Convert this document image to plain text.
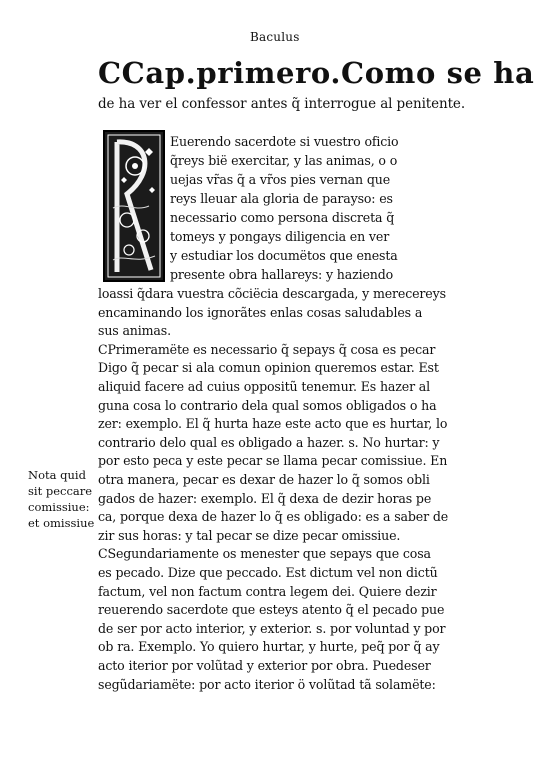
Baculus
CCap.primero.Como se ha
de ha ver el confessor antes q̃ interrogue al penitente.
Euerendo sacerdote si vuestro oficio
q̃reys bië exercitar, y las animas, o o
uejas vr̃as q̃ a vr̃os pies vernan que
reys lleuar ala gloria de parayso: es
necessario como persona discreta q̃
tomeys y pongays diligencia en ver
y estudiar los documëtos que enesta
presente obra hallareys: y haziendo
loassi q̃dara vuestra cõciëcia descargada, y merecereys
encaminando los ignorãtes enlas cosas saludables a
sus animas.
CPrimeramëte es necessario q̃ sepays q̃ cosa es pecar
Digo q̃ pecar si ala comun opinion queremos estar. Est
aliquid facere ad cuius oppositũ tenemur. Es hazer al
guna cosa lo contrario dela qual somos obligados o ha
zer: exemplo. El q̃ hurta haze este acto que es hurtar, lo
contrario delo qual es obligado a hazer. s. No hurtar: y
por esto peca y este pecar se llama pecar comissiue. En
otra manera, pecar es dexar de hazer lo q̃ somos obli
gados de hazer: exemplo. El q̃ dexa de dezir horas pe
ca, porque dexa de hazer lo q̃ es obligado: es a saber de
zir sus horas: y tal pecar se dize pecar omissiue.
CSegundariamente os menester que sepays que cosa
es pecado. Dize que peccado. Est dictum vel non dictũ
factum, vel non factum contra legem dei. Quiere dezir
reuerendo sacerdote que esteys atento q̃ el pecado pue
de ser por acto interior, y exterior. s. por voluntad y por
ob ra. Exemplo. Yo quiero hurtar, y hurte, peq̃ por q̃ ay
acto iterior por volũtad y exterior por obra. Puedeser
segũdariamëte: por acto iterior ö volũtad tã solamëte:
Nota quid
sit peccare
comissiue:
et omissiue
